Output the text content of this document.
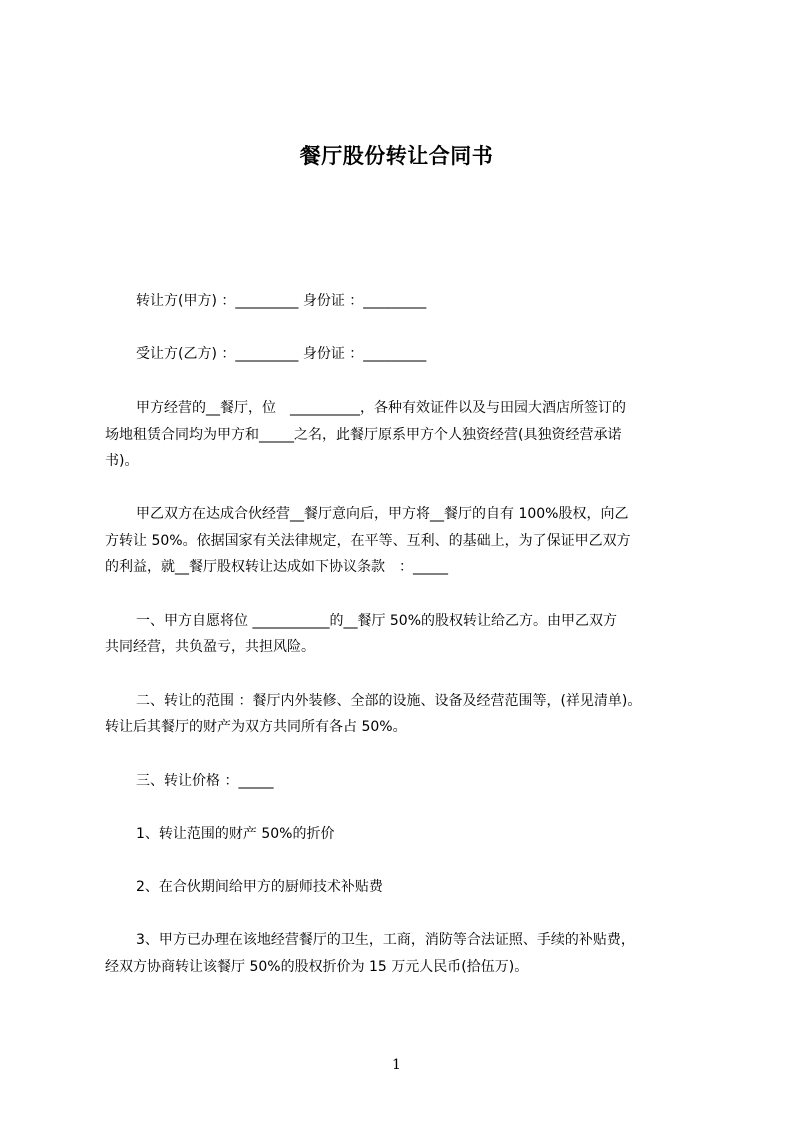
餐厅股份转让合同书

转让方(甲方) ：_________ 身份证 ：_________

受让方(乙方) ：_________ 身份证 ：_________

甲方经营的__餐厅，位　__________，各种有效证件以及与田园大酒店所签订的

场地租赁合同均为甲方和_____之名，此餐厅原系甲方个人独资经营(具独资经营承诺

书)。

甲乙双方在达成合伙经营__餐厅意向后，甲方将__餐厅的自有 100%股权，向乙

方转让 50%。依据国家有关法律规定，在平等、互利、的基础上，为了保证甲乙双方

的利益，就__餐厅股权转让达成如下协议条款　：_____

一、甲方自愿将位 ___________的__餐厅 50%的股权转让给乙方。由甲乙双方

共同经营，共负盈亏，共担风险。

二、转让的范围 ：餐厅内外装修、全部的设施、设备及经营范围等，(祥见清单)。

转让后其餐厅的财产为双方共同所有各占 50%。

三、转让价格 ：_____

1、转让范围的财产 50%的折价

2、在合伙期间给甲方的厨师技术补贴费

3、甲方已办理在该地经营餐厅的卫生，工商，消防等合法证照、手续的补贴费，

经双方协商转让该餐厅 50%的股权折价为 15 万元人民币(拾伍万)。

1
